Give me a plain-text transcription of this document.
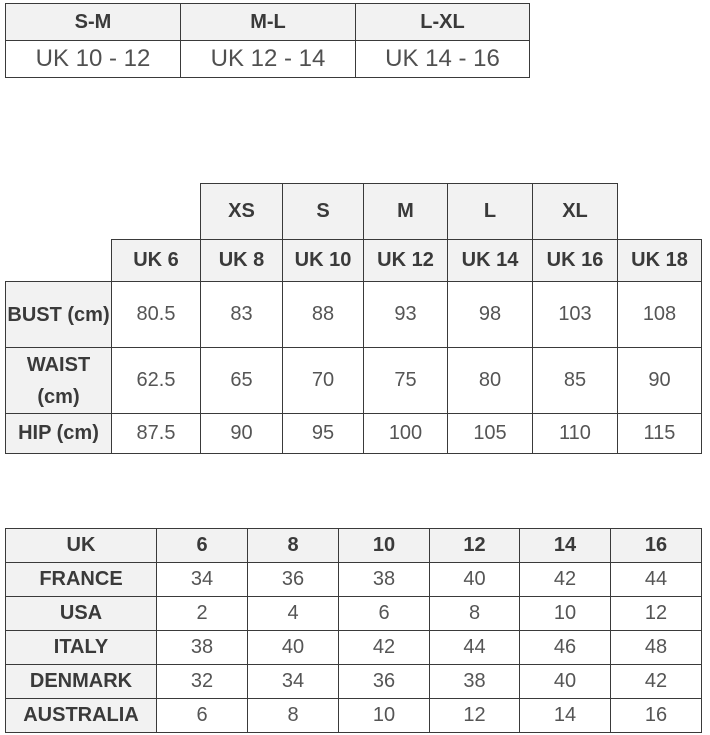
S-M	M-L	L-XL
UK 10 - 12	UK 12 - 14	UK 14 - 16
		XS	S	M	L	XL	
	UK 6	UK 8	UK 10	UK 12	UK 14	UK 16	UK 18
BUST (cm)	80.5	83	88	93	98	103	108
WAIST (cm)	62.5	65	70	75	80	85	90
HIP (cm)	87.5	90	95	100	105	110	115
UK	6	8	10	12	14	16
FRANCE	34	36	38	40	42	44
USA	2	4	6	8	10	12
ITALY	38	40	42	44	46	48
DENMARK	32	34	36	38	40	42
AUSTRALIA	6	8	10	12	14	16
